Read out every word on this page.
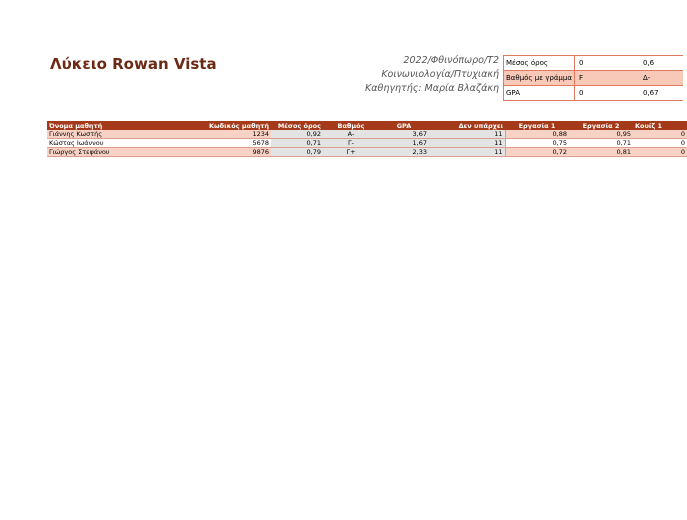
Λύκειο Rowan Vista	2022/Φθινόπωρο/Τ2
Κοινωνιολογία/Πτυχιακή
Καθηγητής: Μαρία Βλαζάκη
Μέσος όρος	0	0,6
Βαθμός με γράμμα	F	Δ-
GPA	0	0,67
Όνομα μαθητή	Κωδικός μαθητή	Μέσος όρος	Βαθμός	GPA	Δεν υπάρχει	Εργασία 1	Εργασία 2	Κουίζ 1
Γιάννης Κωστής	1234	0,92	A-	3,67	11	0,88	0,95	0
Κώστας Ιωάννου	5678	0,71	Γ-	1,67	11	0,75	0,71	0
Γιώργος Στεφάνου	9876	0,79	Γ+	2,33	11	0,72	0,81	0
